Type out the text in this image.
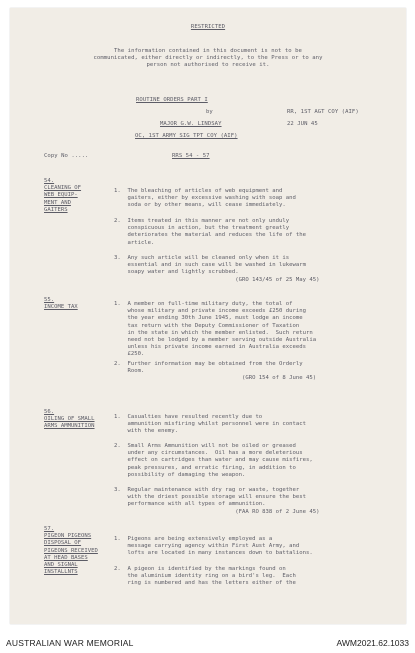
RESTRICTED
The information contained in this document is not to be
communicated, either directly or indirectly, to the Press or to any
person not authorised to receive it.
ROUTINE ORDERS PART I
by	RR, 1ST AGT COY (AIF)
MAJOR G.W. LINDSAY	22 JUN 45
OC, 1ST ARMY SIG TPT COY (AIF)
Copy No .....	RRS 54 - 57
54.
CLEANING OF
WEB EQUIP-
MENT AND
GAITERS
1.  The bleaching of articles of web equipment and
gaiters, either by excessive washing with soap and
soda or by other means, will cease immediately.
2.  Items treated in this manner are not only unduly
conspicuous in action, but the treatment greatly
deteriorates the material and reduces the life of the
article.
3.  Any such article will be cleaned only when it is
essential and in such case will be washed in lukewarm
soapy water and lightly scrubbed.
(GRO 143/45 of 25 May 45)
55.
INCOME TAX
1.  A member on full-time military duty, the total of
whose military and private income exceeds £250 during
the year ending 30th June 1945, must lodge an income
tax return with the Deputy Commissioner of Taxation
in the state in which the member enlisted.  Such return
need not be lodged by a member serving outside Australia
unless his private income earned in Australia exceeds
£250.
2.  Further information may be obtained from the Orderly
Room.
(GRO 154 of 8 June 45)
56.
OILING OF SMALL
ARMS AMMUNITION
1.  Casualties have resulted recently due to
ammunition misfiring whilst personnel were in contact
with the enemy.
2.  Small Arms Ammunition will not be oiled or greased
under any circumstances.  Oil has a more deleterious
effect on cartridges than water and may cause misfires,
peak pressures, and erratic firing, in addition to
possibility of damaging the weapon.
3.  Regular maintenance with dry rag or waste, together
with the driest possible storage will ensure the best
performance with all types of ammunition.
(FAA RO 838 of 2 June 45)
57.
PIGEON PIGEONS
DISPOSAL OF
PIGEONS RECEIVED
AT HEAD BASES
AND SIGNAL
INSTALLNTS
1.  Pigeons are being extensively employed as a
message carrying agency within First Aust Army, and
lofts are located in many instances down to battalions.
2.  A pigeon is identified by the markings found on
the aluminium identity ring on a bird's leg.  Each
ring is numbered and has the letters either of the
AUSTRALIAN WAR MEMORIAL	AWM2021.62.1033
